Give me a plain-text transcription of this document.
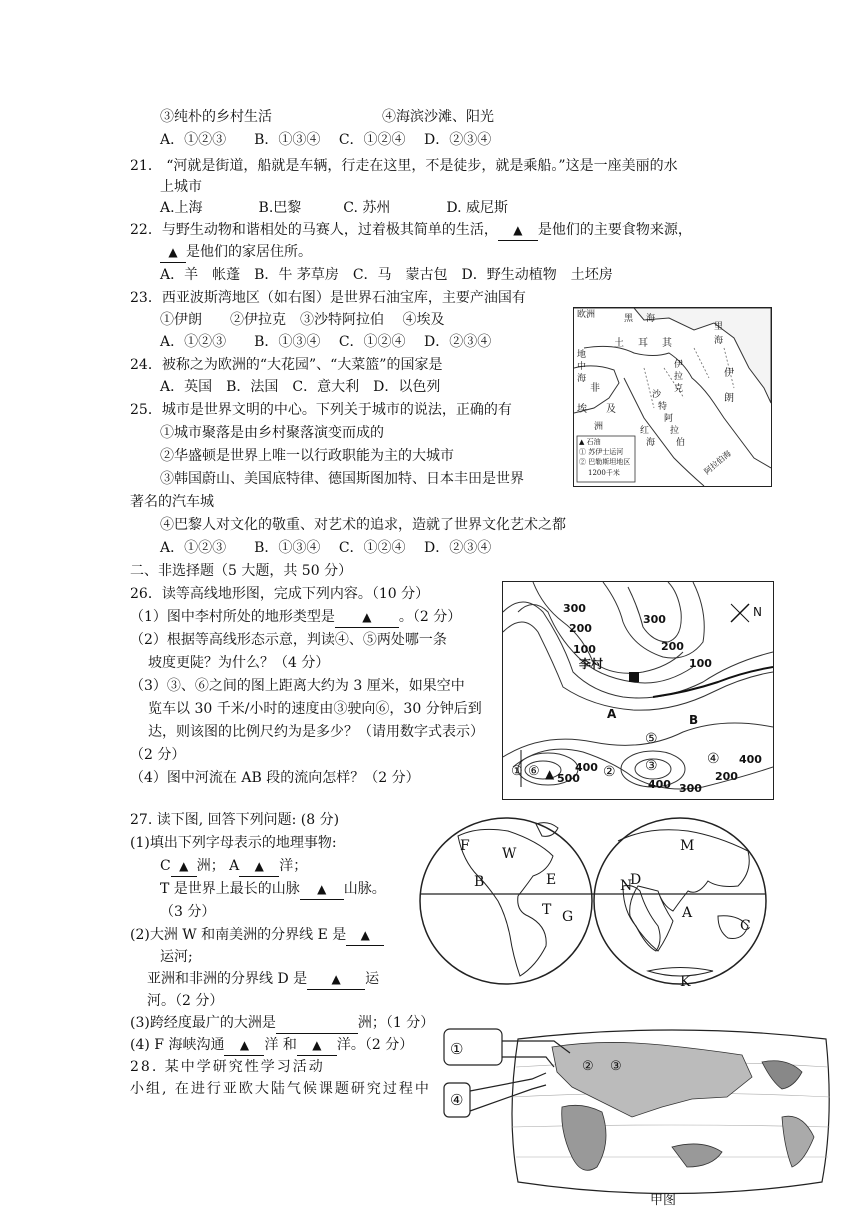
③纯朴的乡村生活	④海滨沙滩、阳光
A．①②③　　B．①③④　 C．①②④　 D．②③④
21． “河就是街道，船就是车辆，行走在这里，不是徒步，就是乘船。”这是一座美丽的水
上城市
A.上海　　　　B.巴黎　　　C. 苏州　　　　D. 威尼斯
22．与野生动物和谐相处的马赛人，过着极其简单的生活， ▲ 是他们的主要食物来源，
▲ 是他们的家居住所。
A．羊　帐蓬　B．牛 茅草房　C．马　蒙古包　D．野生动植物　土坯房
23．西亚波斯湾地区（如右图）是世界石油宝库，主要产油国有
①伊朗　　②伊拉克　③沙特阿拉伯　 ④埃及
A．①②③　　B．①③④　 C．①②④　 D．②③④
24．被称之为欧洲的“大花园”、“大菜篮”的国家是
A．英国　B．法国　C．意大利　D．以色列
25．城市是世界文明的中心。下列关于城市的说法，正确的有
①城市聚落是由乡村聚落演变而成的
②华盛顿是世界上唯一以行政职能为主的大城市
③韩国蔚山、美国底特律、德国斯图加特、日本丰田是世界
著名的汽车城
④巴黎人对文化的敬重、对艺术的追求，造就了世界文化艺术之都
A．①②③　　B．①③④　 C．①②④　 D．②③④
二、非选择题（5 大题，共 50 分）
26．读等高线地形图，完成下列内容。（10 分）
（1）图中李村所处的地形类型是 ▲ 。（2 分）
（2）根据等高线形态示意，判读④、⑤两处哪一条
坡度更陡？为什么？（4 分）
（3）③、⑥之间的图上距离大约为 3 厘米，如果空中
览车以 30 千米/小时的速度由③驶向⑥，30 分钟后到
达，则该图的比例尺约为是多少？（请用数字式表示）
（2 分）
（4）图中河流在 AB 段的流向怎样？（2 分）
27. 读下图, 回答下列问题: (8 分)
(1)填出下列字母表示的地理事物:
C ▲ 洲； A ▲ 洋；
T 是世界上最长的山脉 ▲ 山脉。
（3 分）
(2)大洲 W 和南美洲的分界线 E 是 ▲
运河;
亚洲和非洲的分界线 D 是 ▲ 运
河。（2 分）
(3)跨经度最广的大洲是	洲；（1 分）
(4) F 海峡沟通 ▲ 洋 和 ▲ 洋。（2 分）
28. 某中学研究性学习活动
小组, 在进行亚欧大陆气候课题研究过程中
欧洲	黑 海
土 耳 其
里
海
伊
朗
伊
拉
克
地
中
海
非
埃 及
洲
沙
特
阿
拉
伯
阿拉伯海
红
海
▲ 石油
① 苏伊士运河
② 巴勒斯坦地区
1200千米
300
300
200
200
100
100
400
400 300
200
400
500
李村
A	B
⑤
④
③
②
① ⑥ ▲
N
F W
B	E
T G
M
N
D
A
C
K
①
④
② ③
甲图
